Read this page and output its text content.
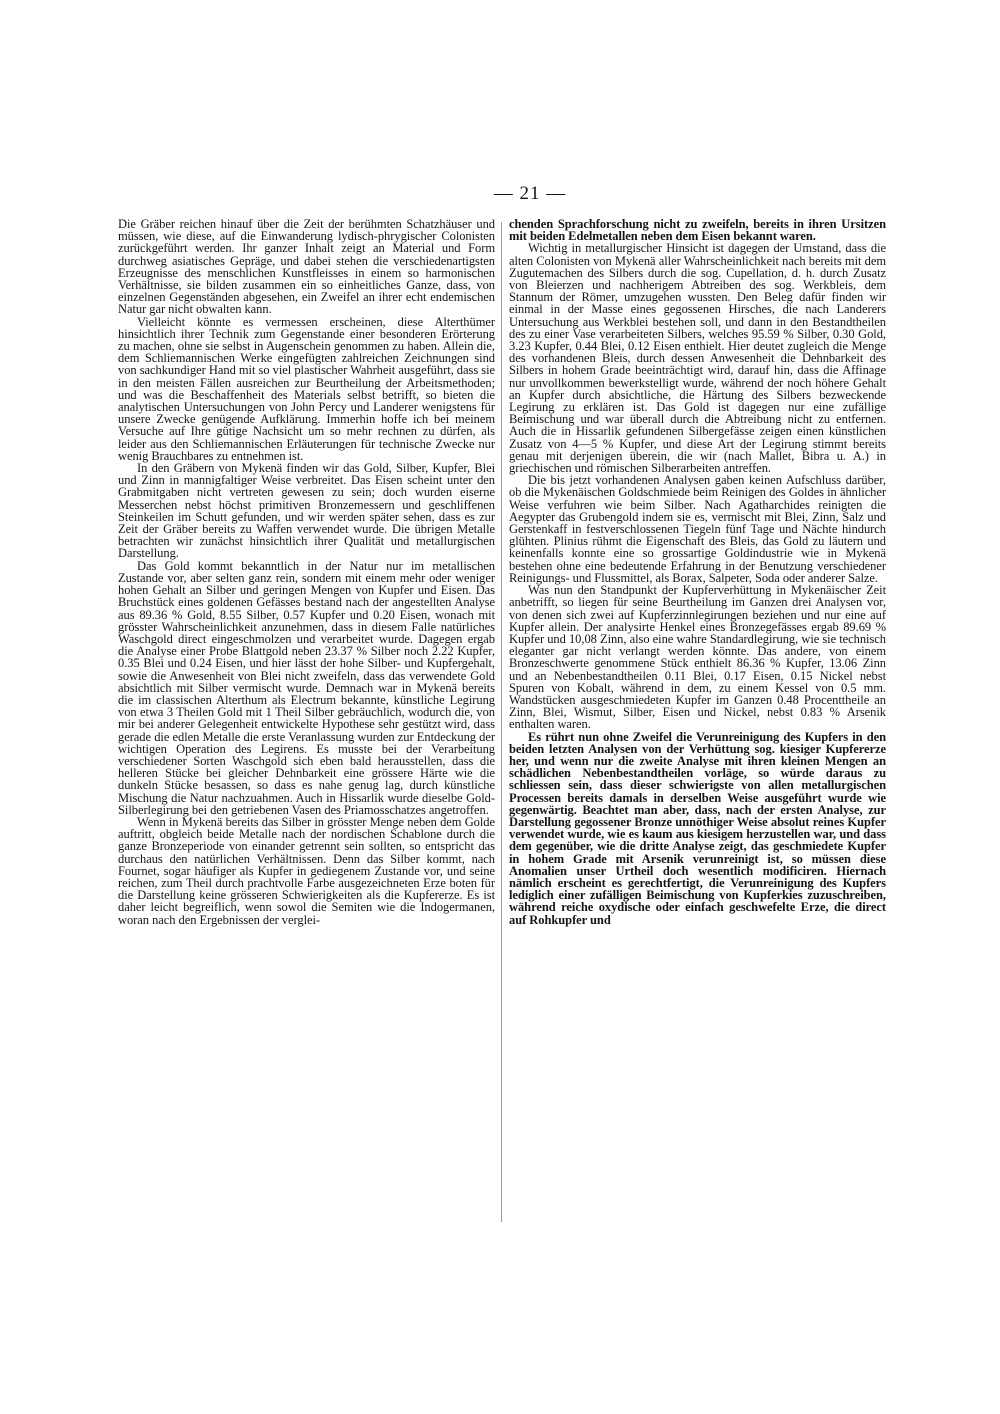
— 21 —

Die Gräber reichen hinauf über die Zeit der berühmten Schatzhäuser und müssen, wie diese, auf die Einwanderung lydisch-phrygischer Colonisten zurückgeführt werden. Ihr ganzer Inhalt zeigt an Material und Form durchweg asiatisches Gepräge, und dabei stehen die verschiedenartigsten Erzeugnisse des menschlichen Kunstfleisses in einem so harmonischen Verhältnisse, sie bilden zusammen ein so einheitliches Ganze, dass, von einzelnen Gegenständen abgesehen, ein Zweifel an ihrer echt endemischen Natur gar nicht obwalten kann.

Vielleicht könnte es vermessen erscheinen, diese Alterthümer hinsichtlich ihrer Technik zum Gegenstande einer besonderen Erörterung zu machen, ohne sie selbst in Augenschein genommen zu haben. Allein die, dem Schliemannischen Werke eingefügten zahlreichen Zeichnungen sind von sachkundiger Hand mit so viel plastischer Wahrheit ausgeführt, dass sie in den meisten Fällen ausreichen zur Beurtheilung der Arbeitsmethoden; und was die Beschaffenheit des Materials selbst betrifft, so bieten die analytischen Untersuchungen von John Percy und Landerer wenigstens für unsere Zwecke genügende Aufklärung. Immerhin hoffe ich bei meinem Versuche auf Ihre gütige Nachsicht um so mehr rechnen zu dürfen, als leider aus den Schliemannischen Erläuterungen für technische Zwecke nur wenig Brauchbares zu entnehmen ist.

In den Gräbern von Mykenä finden wir das Gold, Silber, Kupfer, Blei und Zinn in mannigfaltiger Weise verbreitet. Das Eisen scheint unter den Grabmitgaben nicht vertreten gewesen zu sein; doch wurden eiserne Messerchen nebst höchst primitiven Bronzemessern und geschliffenen Steinkeilen im Schutt gefunden, und wir werden später sehen, dass es zur Zeit der Gräber bereits zu Waffen verwendet wurde. Die übrigen Metalle betrachten wir zunächst hinsichtlich ihrer Qualität und metallurgischen Darstellung.

Das Gold kommt bekanntlich in der Natur nur im metallischen Zustande vor, aber selten ganz rein, sondern mit einem mehr oder weniger hohen Gehalt an Silber und geringen Mengen von Kupfer und Eisen. Das Bruchstück eines goldenen Gefässes bestand nach der angestellten Analyse aus 89.36 % Gold, 8.55 Silber, 0.57 Kupfer und 0.20 Eisen, wonach mit grösster Wahrscheinlichkeit anzunehmen, dass in diesem Falle natürliches Waschgold direct eingeschmolzen und verarbeitet wurde. Dagegen ergab die Analyse einer Probe Blattgold neben 23.37 % Silber noch 2.22 Kupfer, 0.35 Blei und 0.24 Eisen, und hier lässt der hohe Silber- und Kupfergehalt, sowie die Anwesenheit von Blei nicht zweifeln, dass das verwendete Gold absichtlich mit Silber vermischt wurde. Demnach war in Mykenä bereits die im classischen Alterthum als Electrum bekannte, künstliche Legirung von etwa 3 Theilen Gold mit 1 Theil Silber gebräuchlich, wodurch die, von mir bei anderer Gelegenheit entwickelte Hypothese sehr gestützt wird, dass gerade die edlen Metalle die erste Veranlassung wurden zur Entdeckung der wichtigen Operation des Legirens. Es musste bei der Verarbeitung verschiedener Sorten Waschgold sich eben bald herausstellen, dass die helleren Stücke bei gleicher Dehnbarkeit eine grössere Härte wie die dunkeln Stücke besassen, so dass es nahe genug lag, durch künstliche Mischung die Natur nachzuahmen. Auch in Hissarlik wurde dieselbe Gold-Silberlegirung bei den getriebenen Vasen des Priamosschatzes angetroffen.

Wenn in Mykenä bereits das Silber in grösster Menge neben dem Golde auftritt, obgleich beide Metalle nach der nordischen Schablone durch die ganze Bronzeperiode von einander getrennt sein sollten, so entspricht das durchaus den natürlichen Verhältnissen. Denn das Silber kommt, nach Fournet, sogar häufiger als Kupfer in gediegenem Zustande vor, und seine reichen, zum Theil durch prachtvolle Farbe ausgezeichneten Erze boten für die Darstellung keine grösseren Schwierigkeiten als die Kupfererze. Es ist daher leicht begreiflich, wenn sowol die Semiten wie die Indogermanen, woran nach den Ergebnissen der verglei-

chenden Sprachforschung nicht zu zweifeln, bereits in ihren Ursitzen mit beiden Edelmetallen neben dem Eisen bekannt waren.

Wichtig in metallurgischer Hinsicht ist dagegen der Umstand, dass die alten Colonisten von Mykenä aller Wahrscheinlichkeit nach bereits mit dem Zugutemachen des Silbers durch die sog. Cupellation, d. h. durch Zusatz von Bleierzen und nachherigem Abtreiben des sog. Werkbleis, dem Stannum der Römer, umzugehen wussten. Den Beleg dafür finden wir einmal in der Masse eines gegossenen Hirsches, die nach Landerers Untersuchung aus Werkblei bestehen soll, und dann in den Bestandtheilen des zu einer Vase verarbeiteten Silbers, welches 95.59 % Silber, 0.30 Gold, 3.23 Kupfer, 0.44 Blei, 0.12 Eisen enthielt. Hier deutet zugleich die Menge des vorhandenen Bleis, durch dessen Anwesenheit die Dehnbarkeit des Silbers in hohem Grade beeinträchtigt wird, darauf hin, dass die Affinage nur unvollkommen bewerkstelligt wurde, während der noch höhere Gehalt an Kupfer durch absichtliche, die Härtung des Silbers bezweckende Legirung zu erklären ist. Das Gold ist dagegen nur eine zufällige Beimischung und war überall durch die Abtreibung nicht zu entfernen. Auch die in Hissarlik gefundenen Silbergefässe zeigen einen künstlichen Zusatz von 4—5 % Kupfer, und diese Art der Legirung stimmt bereits genau mit derjenigen überein, die wir (nach Mallet, Bibra u. A.) in griechischen und römischen Silberarbeiten antreffen.

Die bis jetzt vorhandenen Analysen gaben keinen Aufschluss darüber, ob die Mykenäischen Goldschmiede beim Reinigen des Goldes in ähnlicher Weise verfuhren wie beim Silber. Nach Agatharchides reinigten die Aegypter das Grubengold indem sie es, vermischt mit Blei, Zinn, Salz und Gerstenkaff in festverschlossenen Tiegeln fünf Tage und Nächte hindurch glühten. Plinius rühmt die Eigenschaft des Bleis, das Gold zu läutern und keinenfalls konnte eine so grossartige Goldindustrie wie in Mykenä bestehen ohne eine bedeutende Erfahrung in der Benutzung verschiedener Reinigungs- und Flussmittel, als Borax, Salpeter, Soda oder anderer Salze.

Was nun den Standpunkt der Kupferverhüttung in Mykenäischer Zeit anbetrifft, so liegen für seine Beurtheilung im Ganzen drei Analysen vor, von denen sich zwei auf Kupferzinnlegirungen beziehen und nur eine auf Kupfer allein. Der analysirte Henkel eines Bronzegefässes ergab 89.69 % Kupfer und 10,08 Zinn, also eine wahre Standardlegirung, wie sie technisch eleganter gar nicht verlangt werden könnte. Das andere, von einem Bronzeschwerte genommene Stück enthielt 86.36 % Kupfer, 13.06 Zinn und an Nebenbestandtheilen 0.11 Blei, 0.17 Eisen, 0.15 Nickel nebst Spuren von Kobalt, während in dem, zu einem Kessel von 0.5 mm. Wandstücken ausgeschmiedeten Kupfer im Ganzen 0.48 Procenttheile an Zinn, Blei, Wismut, Silber, Eisen und Nickel, nebst 0.83 % Arsenik enthalten waren.

Es rührt nun ohne Zweifel die Verunreinigung des Kupfers in den beiden letzten Analysen von der Verhüttung sog. kiesiger Kupfererze her, und wenn nur die zweite Analyse mit ihren kleinen Mengen an schädlichen Nebenbestandtheilen vorläge, so würde daraus zu schliessen sein, dass dieser schwierigste von allen metallurgischen Processen bereits damals in derselben Weise ausgeführt wurde wie gegenwärtig. Beachtet man aber, dass, nach der ersten Analyse, zur Darstellung gegossener Bronze unnöthiger Weise absolut reines Kupfer verwendet wurde, wie es kaum aus kiesigem herzustellen war, und dass dem gegenüber, wie die dritte Analyse zeigt, das geschmiedete Kupfer in hohem Grade mit Arsenik verunreinigt ist, so müssen diese Anomalien unser Urtheil doch wesentlich modificiren. Hiernach nämlich erscheint es gerechtfertigt, die Verunreinigung des Kupfers lediglich einer zufälligen Beimischung von Kupferkies zuzuschreiben, während reiche oxydische oder einfach geschwefelte Erze, die direct auf Rohkupfer und
